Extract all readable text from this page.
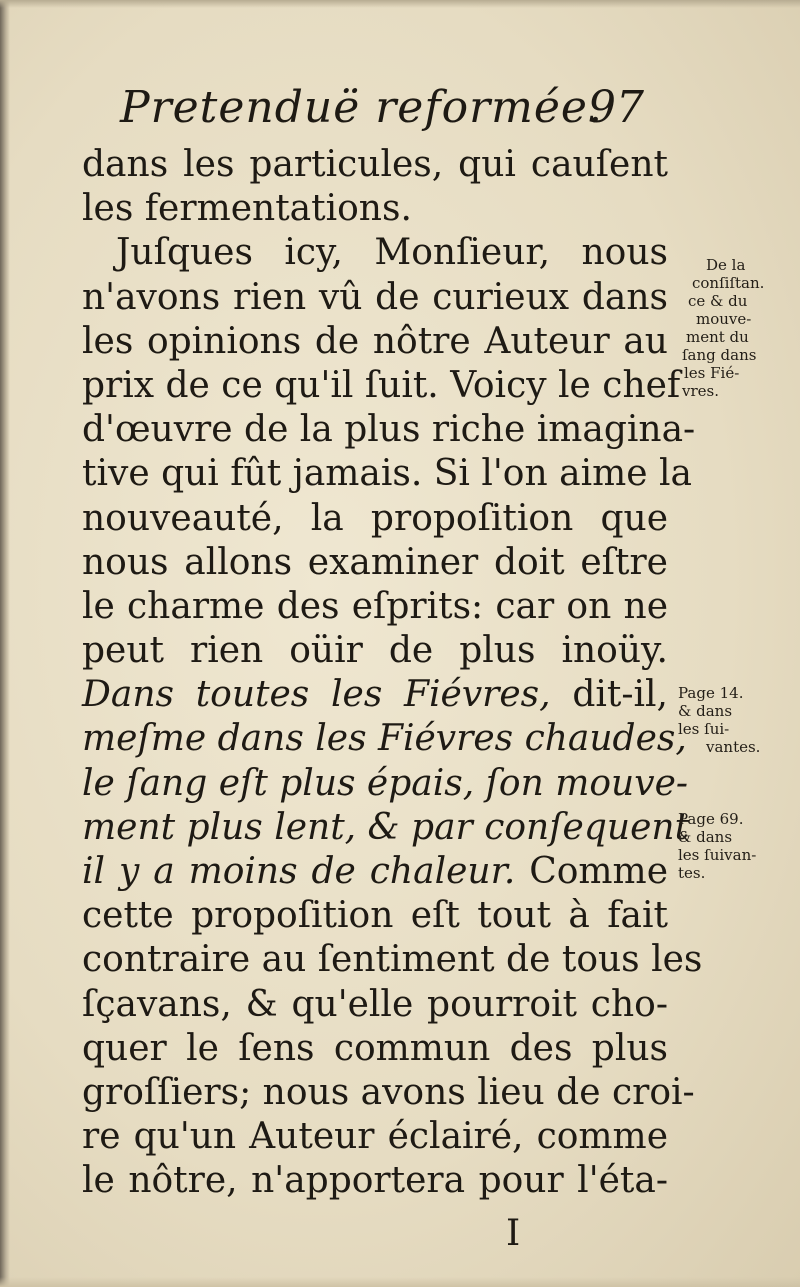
Pretenduë reformée.
97
dans les particules, qui cauſent
les fermentations.
Juſques icy, Monſieur, nous
n'avons rien vû de curieux dans
les opinions de nôtre Auteur au
prix de ce qu'il ſuit. Voicy le chef
d'œuvre de la plus riche imagina-
tive qui fût jamais. Si l'on aime la
nouveauté, la propoſition que
nous allons examiner doit eſtre
le charme des eſprits: car on ne
peut rien oüir de plus inoüy.
Dans toutes les Fiévres, dit-il,
meſme dans les Fiévres chaudes,
le ſang eſt plus épais, ſon mouve-
ment plus lent, & par conſequent
il y a moins de chaleur. Comme
cette propoſition eſt tout à fait
contraire au ſentiment de tous les
ſçavans, & qu'elle pourroit cho-
quer le ſens commun des plus
groſſiers; nous avons lieu de croi-
re qu'un Auteur éclairé, comme
le nôtre, n'apportera pour l'éta-
De la
conſiſtan.
ce & du
mouve-
ment du
ſang dans
les Fié-
vres.
Page 14.
& dans
les ſui-
vantes.
Page 69.
& dans
les ſuivan-
tes.
I
